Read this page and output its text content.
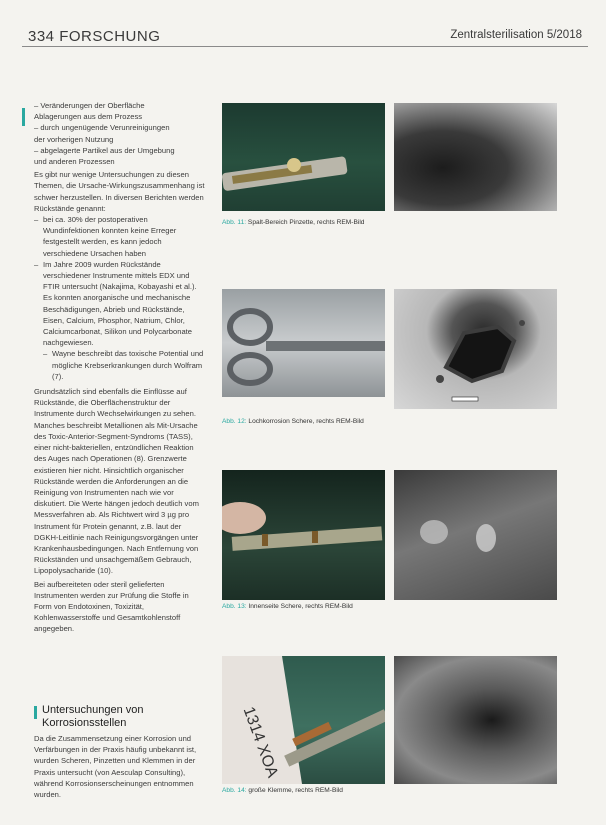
334 FORSCHUNG	Zentralsterilisation 5/2018

– Veränderungen der Oberfläche

Ablagerungen aus dem Prozess

– durch ungenügende Verunreinigungen

der vorherigen Nutzung

– abgelagerte Partikel aus der Umgebung

und anderen Prozessen

Es gibt nur wenige Untersuchungen zu diesen Themen, die Ursache-Wirkungszusammenhang ist schwer herzustellen. In diversen Berichten werden Rückstände genannt:

– bei ca. 30% der postoperativen Wundinfektionen konnten keine Erreger festgestellt werden, es kann jedoch verschiedene Ursachen haben

– Im Jahre 2009 wurden Rückstände verschiedener Instrumente mittels EDX und FTIR untersucht (Nakajima, Kobayashi et al.). Es konnten anorganische und mechanische Beschädigungen, Abrieb und Rückstände, Eisen, Calcium, Phosphor, Natrium, Chlor, Calciumcarbonat, Silikon und Polycarbonate nachgewiesen.

– Wayne beschreibt das toxische Potential und mögliche Krebserkrankungen durch Wolfram (7).

Grundsätzlich sind ebenfalls die Einflüsse auf Rückstände, die Oberflächenstruktur der Instrumente durch Wechselwirkungen zu sehen. Manches beschreibt Metallionen als Mit-Ursache des Toxic-Anterior-Segment-Syndroms (TASS), einer nicht-bakteriellen, entzündlichen Reaktion des Auges nach Operationen (8). Grenzwerte existieren hier nicht. Hinsichtlich organischer Rückstände werden die Anforderungen an die Reinigung von Instrumenten nach wie vor diskutiert. Die Werte hängen jedoch deutlich vom Messverfahren ab. Als Richtwert wird 3 µg pro Instrument für Protein genannt, z.B. laut der DGKH-Leitlinie nach Reinigungsvorgängen unter Krankenhausbedingungen. Nach Entfernung von Rückständen und unsachgemäßem Gebrauch, Lipopolysacharide (10).

Bei aufbereiteten oder steril gelieferten Instrumenten werden zur Prüfung die Stoffe in Form von Endotoxinen, Toxizität, Kohlenwasserstoffe und Gesamtkohlenstoff angegeben.

Untersuchungen von Korrosionsstellen

Da die Zusammensetzung einer Korrosion und Verfärbungen in der Praxis häufig unbekannt ist, wurden Scheren, Pinzetten und Klemmen in der Praxis untersucht (von Aesculap Consulting), während Korrosionserscheinungen entnommen wurden.

Abb. 11: Spalt-Bereich Pinzette, rechts REM-Bild
Abb. 12: Lochkorrosion Schere, rechts REM-Bild
Abb. 13: Innenseite Schere, rechts REM-Bild
1314 XOA
Abb. 14: große Klemme, rechts REM-Bild
